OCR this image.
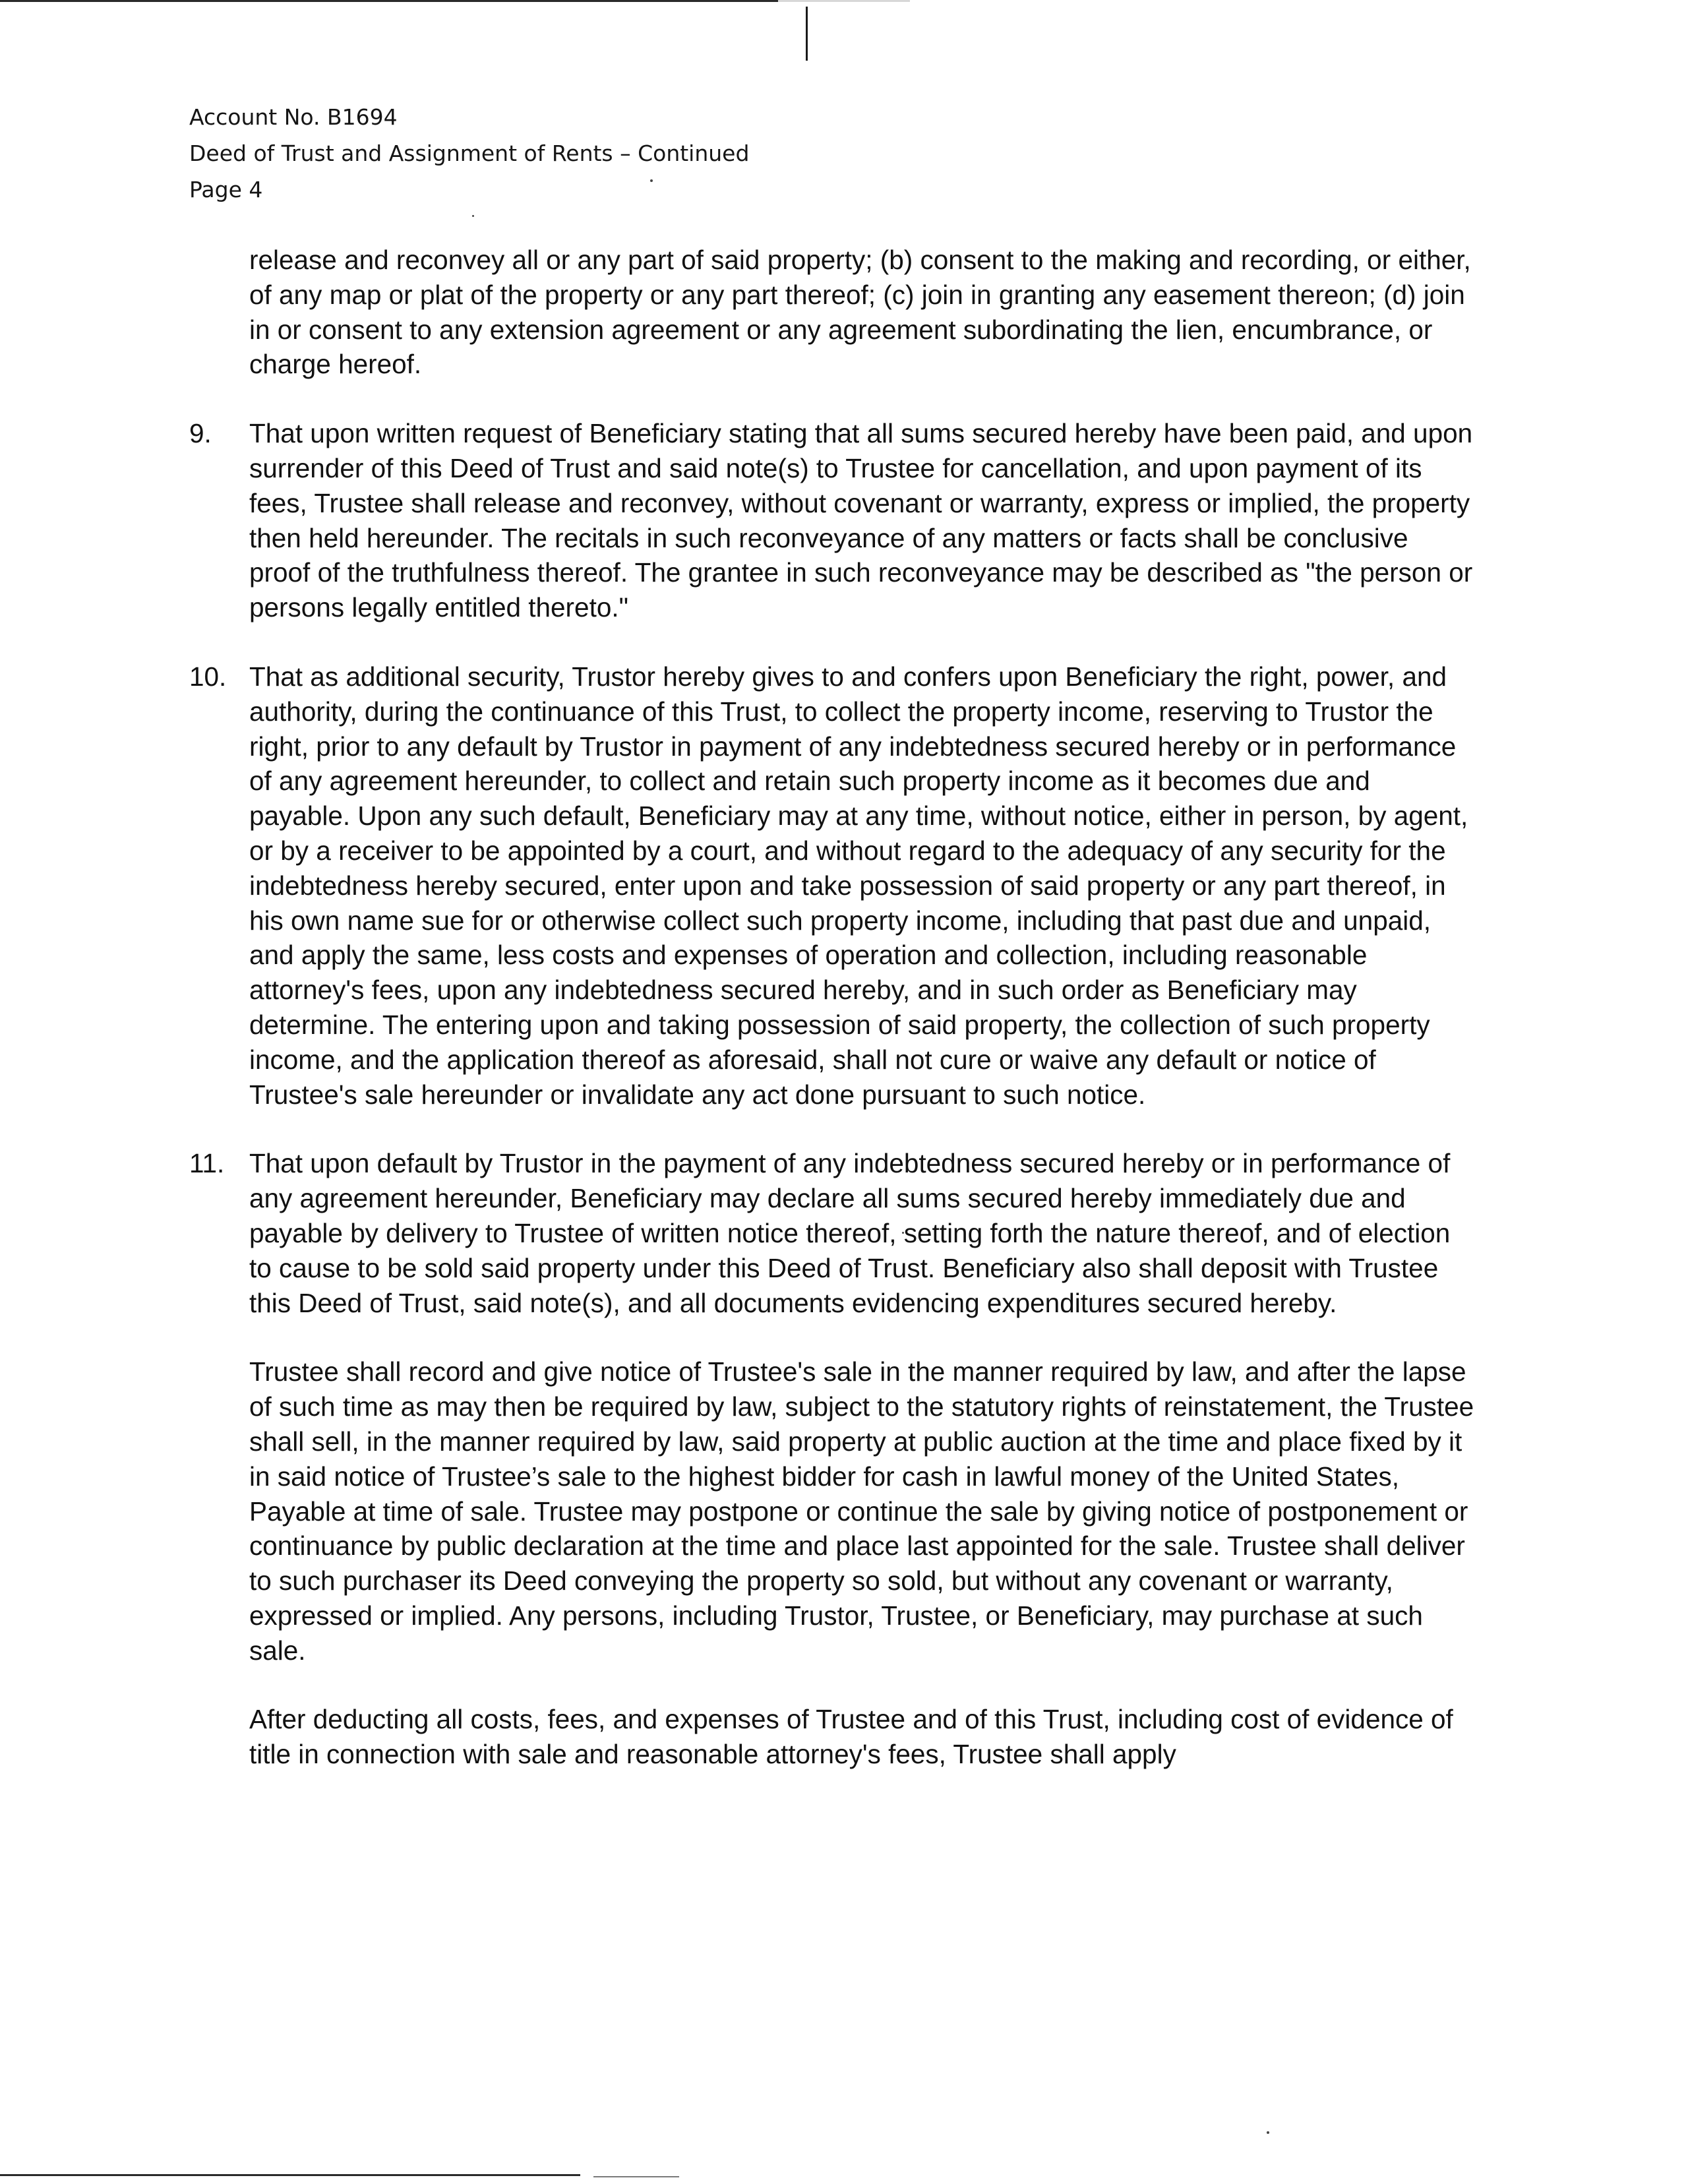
Account No. B1694
Deed of Trust and Assignment of Rents – Continued
Page 4

release and reconvey all or any part of said property; (b) consent to the making and recording, or either, of any map or plat of the property or any part thereof; (c) join in granting any easement thereon; (d) join in or consent to any extension agreement or any agreement subordinating the lien, encumbrance, or charge hereof.

9.	That upon written request of Beneficiary stating that all sums secured hereby have been paid, and upon surrender of this Deed of Trust and said note(s) to Trustee for cancellation, and upon payment of its fees, Trustee shall release and reconvey, without covenant or warranty, express or implied, the property then held hereunder. The recitals in such reconveyance of any matters or facts shall be conclusive proof of the truthfulness thereof. The grantee in such reconveyance may be described as "the person or persons legally entitled thereto."

10. That as additional security, Trustor hereby gives to and confers upon Beneficiary the right, power, and authority, during the continuance of this Trust, to collect the property income, reserving to Trustor the right, prior to any default by Trustor in payment of any indebtedness secured hereby or in performance of any agreement hereunder, to collect and retain such property income as it becomes due and payable. Upon any such default, Beneficiary may at any time, without notice, either in person, by agent, or by a receiver to be appointed by a court, and without regard to the adequacy of any security for the indebtedness hereby secured, enter upon and take possession of said property or any part thereof, in his own name sue for or otherwise collect such property income, including that past due and unpaid, and apply the same, less costs and expenses of operation and collection, including reasonable attorney's fees, upon any indebtedness secured hereby, and in such order as Beneficiary may determine. The entering upon and taking possession of said property, the collection of such property income, and the application thereof as aforesaid, shall not cure or waive any default or notice of Trustee's sale hereunder or invalidate any act done pursuant to such notice.

11. That upon default by Trustor in the payment of any indebtedness secured hereby or in performance of any agreement hereunder, Beneficiary may declare all sums secured hereby immediately due and payable by delivery to Trustee of written notice thereof, setting forth the nature thereof, and of election to cause to be sold said property under this Deed of Trust. Beneficiary also shall deposit with Trustee this Deed of Trust, said note(s), and all documents evidencing expenditures secured hereby.

Trustee shall record and give notice of Trustee's sale in the manner required by law, and after the lapse of such time as may then be required by law, subject to the statutory rights of reinstatement, the Trustee shall sell, in the manner required by law, said property at public auction at the time and place fixed by it in said notice of Trustee’s sale to the highest bidder for cash in lawful money of the United States, Payable at time of sale. Trustee may postpone or continue the sale by giving notice of postponement or continuance by public declaration at the time and place last appointed for the sale. Trustee shall deliver to such purchaser its Deed conveying the property so sold, but without any covenant or warranty, expressed or implied. Any persons, including Trustor, Trustee, or Beneficiary, may purchase at such sale.

After deducting all costs, fees, and expenses of Trustee and of this Trust, including cost of evidence of title in connection with sale and reasonable attorney's fees, Trustee shall apply
